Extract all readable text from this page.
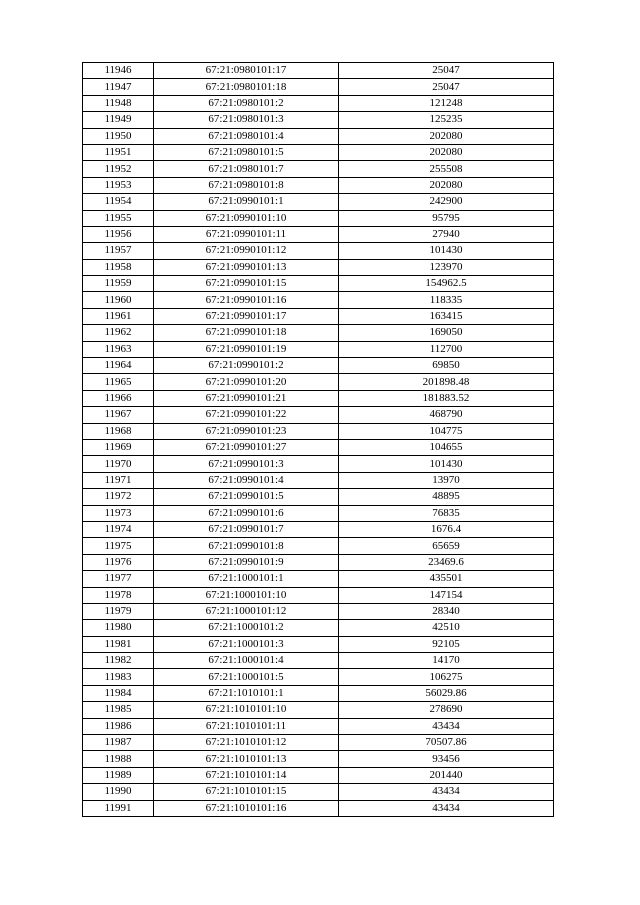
11946	67:21:0980101:17	25047
11947	67:21:0980101:18	25047
11948	67:21:0980101:2	121248
11949	67:21:0980101:3	125235
11950	67:21:0980101:4	202080
11951	67:21:0980101:5	202080
11952	67:21:0980101:7	255508
11953	67:21:0980101:8	202080
11954	67:21:0990101:1	242900
11955	67:21:0990101:10	95795
11956	67:21:0990101:11	27940
11957	67:21:0990101:12	101430
11958	67:21:0990101:13	123970
11959	67:21:0990101:15	154962.5
11960	67:21:0990101:16	118335
11961	67:21:0990101:17	163415
11962	67:21:0990101:18	169050
11963	67:21:0990101:19	112700
11964	67:21:0990101:2	69850
11965	67:21:0990101:20	201898.48
11966	67:21:0990101:21	181883.52
11967	67:21:0990101:22	468790
11968	67:21:0990101:23	104775
11969	67:21:0990101:27	104655
11970	67:21:0990101:3	101430
11971	67:21:0990101:4	13970
11972	67:21:0990101:5	48895
11973	67:21:0990101:6	76835
11974	67:21:0990101:7	1676.4
11975	67:21:0990101:8	65659
11976	67:21:0990101:9	23469.6
11977	67:21:1000101:1	435501
11978	67:21:1000101:10	147154
11979	67:21:1000101:12	28340
11980	67:21:1000101:2	42510
11981	67:21:1000101:3	92105
11982	67:21:1000101:4	14170
11983	67:21:1000101:5	106275
11984	67:21:1010101:1	56029.86
11985	67:21:1010101:10	278690
11986	67:21:1010101:11	43434
11987	67:21:1010101:12	70507.86
11988	67:21:1010101:13	93456
11989	67:21:1010101:14	201440
11990	67:21:1010101:15	43434
11991	67:21:1010101:16	43434
